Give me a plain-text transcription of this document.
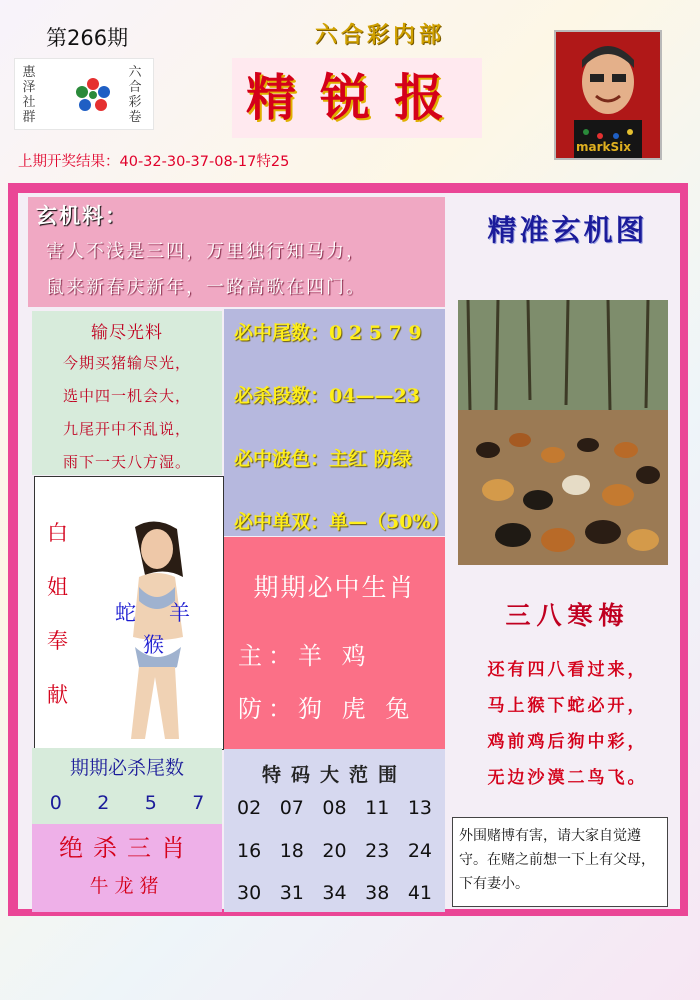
第266期
惠泽社群
六合彩卷
六合彩内部
精锐报
markSix
上期开奖结果：40-32-30-37-08-17特25
玄机料：
害人不浅是三四，万里独行知马力，
鼠来新春庆新年，一路高歌在四门。
精准玄机图
输尽光料
今期买猪输尽光，
选中四一机会大，
九尾开中不乱说，
雨下一天八方湿。
必中尾数：0 2 5 7 9
必杀段数：04——23
必中波色：主红 防绿
必中单双：单—（50%）
白
姐
奉
献
蛇 羊
猴
期期必中生肖
主：羊 鸡
防：狗 虎 兔
三八寒梅
还有四八看过来，
马上猴下蛇必开，
鸡前鸡后狗中彩，
无边沙漠二鸟飞。
期期必杀尾数
0 2 5 7
绝杀三肖
牛龙猪
特码大范围
02 07 08 11 13
16 18 20 23 24
30 31 34 38 41
外围赌博有害，请大家自觉遵守。在赌之前想一下上有父母，下有妻小。
